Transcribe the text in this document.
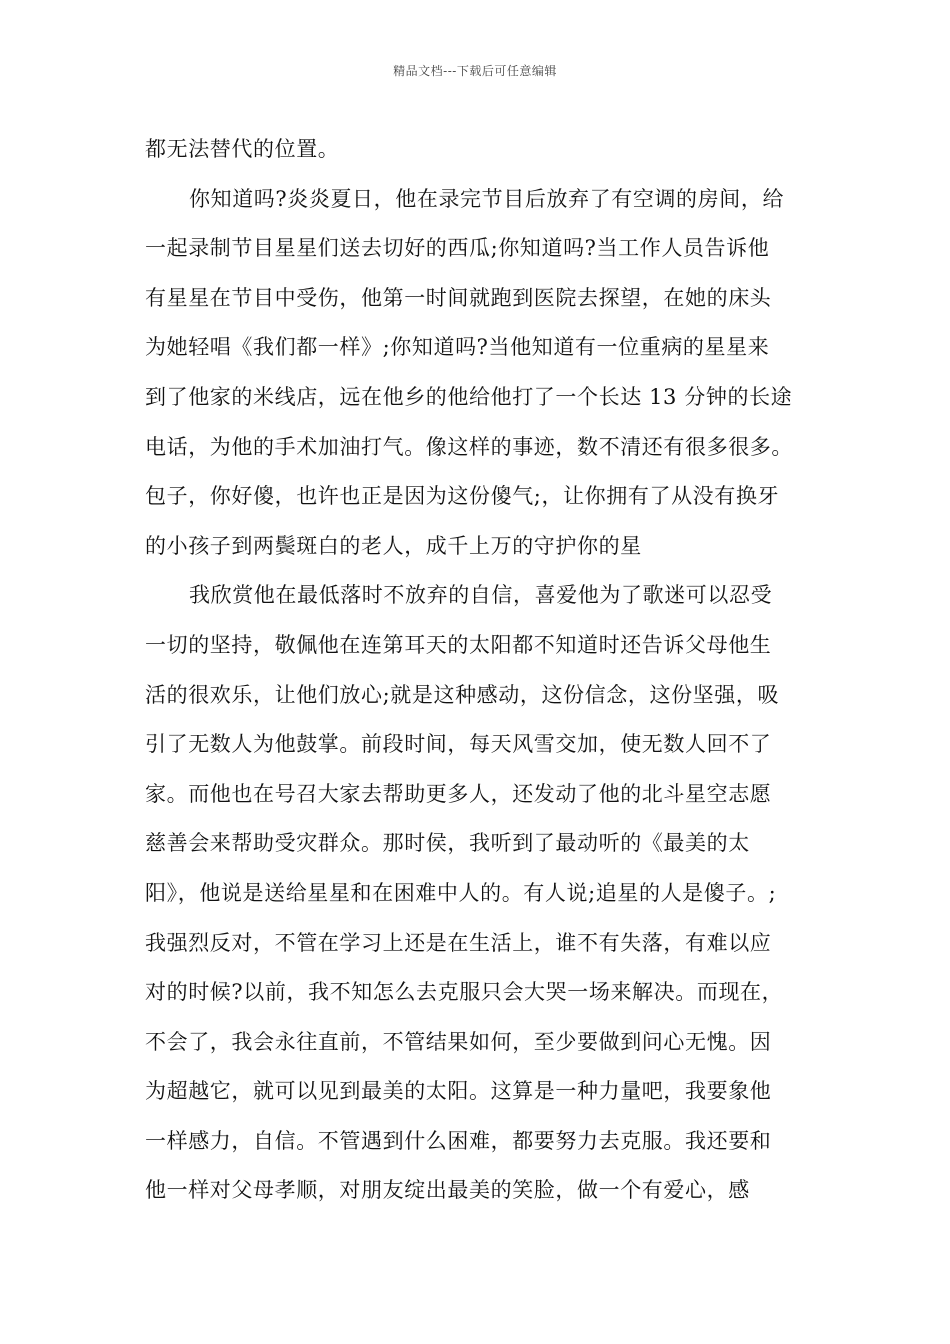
精品文档---下载后可任意编辑
都无法替代的位置。
你知道吗?炎炎夏日，他在录完节目后放弃了有空调的房间，给
一起录制节目星星们送去切好的西瓜;你知道吗?当工作人员告诉他
有星星在节目中受伤，他第一时间就跑到医院去探望，在她的床头
为她轻唱《我们都一样》;你知道吗?当他知道有一位重病的星星来
到了他家的米线店，远在他乡的他给他打了一个长达 13 分钟的长途
电话，为他的手术加油打气。像这样的事迹，数不清还有很多很多。
包子，你好傻，也许也正是因为这份傻气;，让你拥有了从没有换牙
的小孩子到两鬓斑白的老人，成千上万的守护你的星
我欣赏他在最低落时不放弃的自信，喜爱他为了歌迷可以忍受
一切的坚持，敬佩他在连第耳天的太阳都不知道时还告诉父母他生
活的很欢乐，让他们放心;就是这种感动，这份信念，这份坚强，吸
引了无数人为他鼓掌。前段时间，每天风雪交加，使无数人回不了
家。而他也在号召大家去帮助更多人，还发动了他的北斗星空志愿
慈善会来帮助受灾群众。那时侯，我听到了最动听的《最美的太
阳》，他说是送给星星和在困难中人的。有人说;追星的人是傻子。;
我强烈反对，不管在学习上还是在生活上，谁不有失落，有难以应
对的时候?以前，我不知怎么去克服只会大哭一场来解决。而现在，
不会了，我会永往直前，不管结果如何，至少要做到问心无愧。因
为超越它，就可以见到最美的太阳。这算是一种力量吧，我要象他
一样感力，自信。不管遇到什么困难，都要努力去克服。我还要和
他一样对父母孝顺，对朋友绽出最美的笑脸，做一个有爱心，感
